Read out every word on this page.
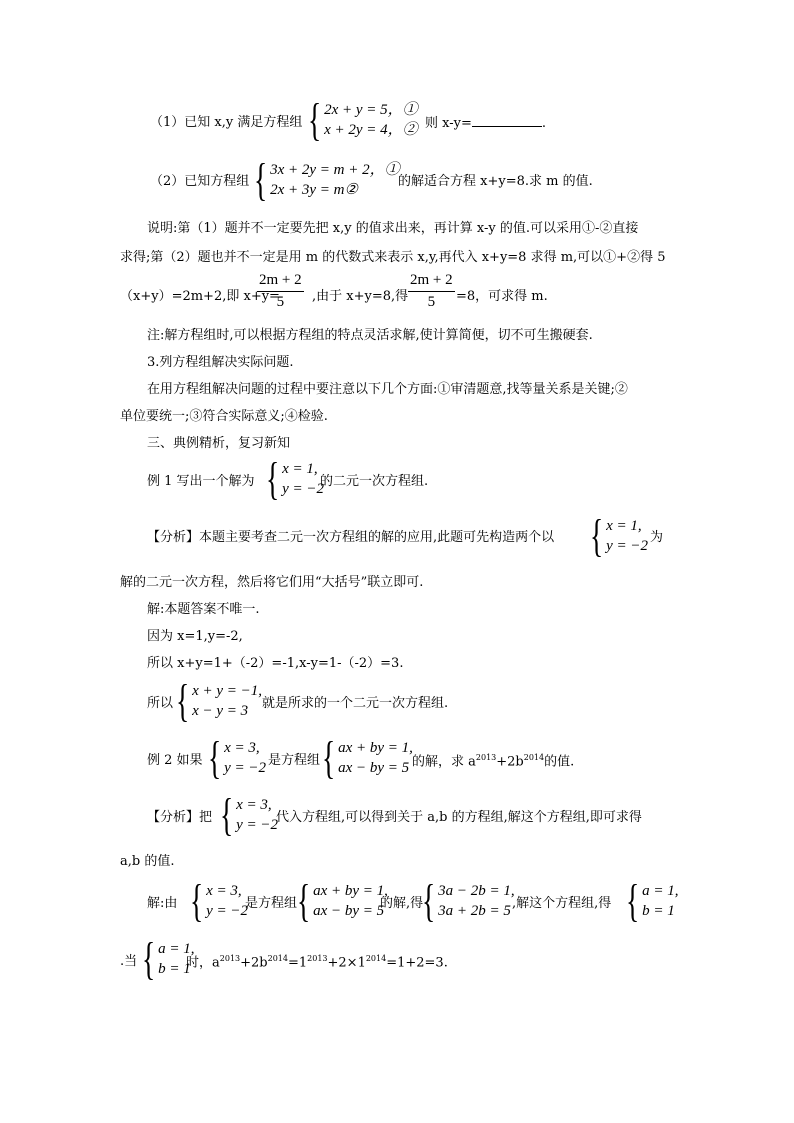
（1）已知 x,y 满足方程组 { 2x + y = 5，①
x + 2y = 4，② 则 x-y=	.
（2）已知方程组 { 3x + 2y = m + 2，①
2x + 3y = m②
的解适合方程 x+y=8.求 m 的值.
说明:第（1）题并不一定要先把 x,y 的值求出来，再计算 x-y 的值.可以采用①-②直接
求得;第（2）题也并不一定是用 m 的代数式来表示 x,y,再代入 x+y=8 求得 m,可以①+②得 5
（x+y）=2m+2,即 x+y=
$\frac{2m + 2}{5}$ ,由于 x+y=8,得 $\frac{2m + 2}{5} =8$，可求得 m.
注:解方程组时,可以根据方程组的特点灵活求解,使计算简便，切不可生搬硬套.
3.列方程组解决实际问题.
在用方程组解决问题的过程中要注意以下几个方面:①审清题意,找等量关系是关键;②
单位要统一;③符合实际意义;④检验.
三、典例精析，复习新知
例 1 写出一个解为 { x = 1,
y = −2
的二元一次方程组.
【分析】本题主要考查二元一次方程组的解的应用,此题可先构造两个以 { x = 1,
y = −2
为
解的二元一次方程，然后将它们用“大括号”联立即可.
解:本题答案不唯一.
因为 x=1,y=-2,
所以 x+y=1+（-2）=-1,x-y=1-（-2）=3.
所以 { x + y = −1,
x − y = 3	就是所求的一个二元一次方程组.
例 2 如果 { x = 3,
y = −2 是方程组 { ax + by = 1,
ax − by = 5 的解，求 $a^{2013}+2b^{2014}$的值.
【分析】把 { x = 3,
y = −2
代入方程组,可以得到关于 a,b 的方程组,解这个方程组,即可求得
a,b 的值.
解:由 { x = 3,
y = −2
是方程组 { ax + by = 1,
ax − by = 5
的解,得
{ 3a − 2b = 1,
3a + 2b = 5 ,解这个方程组,得 { a = 1,
b = 1
.当 { a = 1,
b = 1
时，$a^{2013}+2b^{2014}=1^{2013}+2\times 1^{2014}=1+2=3$.
